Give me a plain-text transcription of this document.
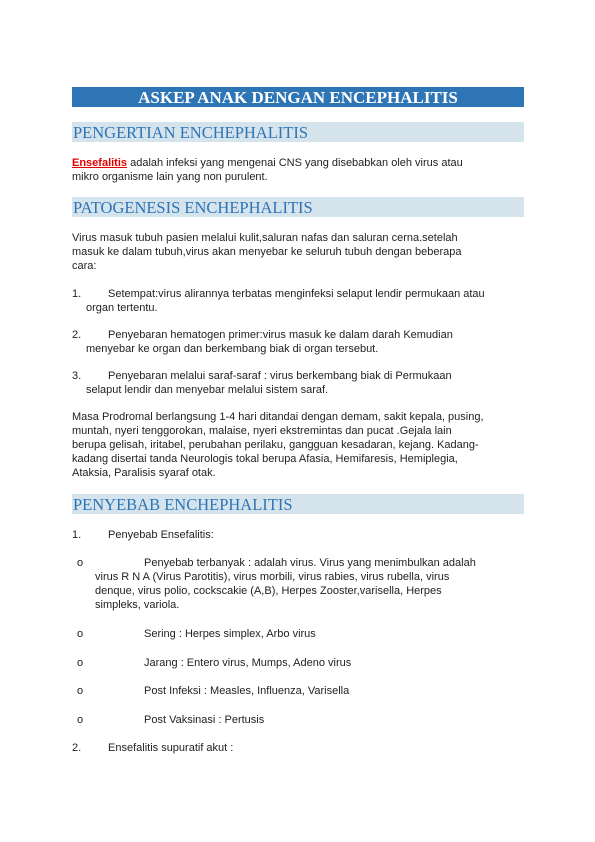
ASKEP ANAK DENGAN ENCEPHALITIS
PENGERTIAN ENCHEPHALITIS
Ensefalitis adalah infeksi yang mengenai CNS yang disebabkan oleh virus atau
mikro organisme lain yang non purulent.
PATOGENESIS ENCHEPHALITIS
Virus masuk tubuh pasien melalui kulit,saluran nafas dan saluran cerna.setelah
masuk ke dalam tubuh,virus akan menyebar ke seluruh tubuh dengan beberapa
cara:
1. Setempat:virus alirannya terbatas menginfeksi selaput lendir permukaan atau
organ tertentu.
2. Penyebaran hematogen primer:virus masuk ke dalam darah Kemudian
menyebar ke organ dan berkembang biak di organ tersebut.
3. Penyebaran melalui saraf-saraf : virus berkembang biak di Permukaan
selaput lendir dan menyebar melalui sistem saraf.
Masa Prodromal berlangsung 1-4 hari ditandai dengan demam, sakit kepala, pusing,
muntah, nyeri tenggorokan, malaise, nyeri ekstremintas dan pucat .Gejala lain
berupa gelisah, iritabel, perubahan perilaku, gangguan kesadaran, kejang. Kadang-
kadang disertai tanda Neurologis tokal berupa Afasia, Hemifaresis, Hemiplegia,
Ataksia, Paralisis syaraf otak.
PENYEBAB ENCHEPHALITIS
1. Penyebab Ensefalitis:
o	Penyebab terbanyak : adalah virus. Virus yang menimbulkan adalah
virus R N A (Virus Parotitis), virus morbili, virus rabies, virus rubella, virus
denque, virus polio, cockscakie (A,B), Herpes Zooster,varisella, Herpes
simpleks, variola.
o	Sering : Herpes simplex, Arbo virus
o	Jarang : Entero virus, Mumps, Adeno virus
o	Post Infeksi : Measles, Influenza, Varisella
o	Post Vaksinasi : Pertusis
2. Ensefalitis supuratif akut :
